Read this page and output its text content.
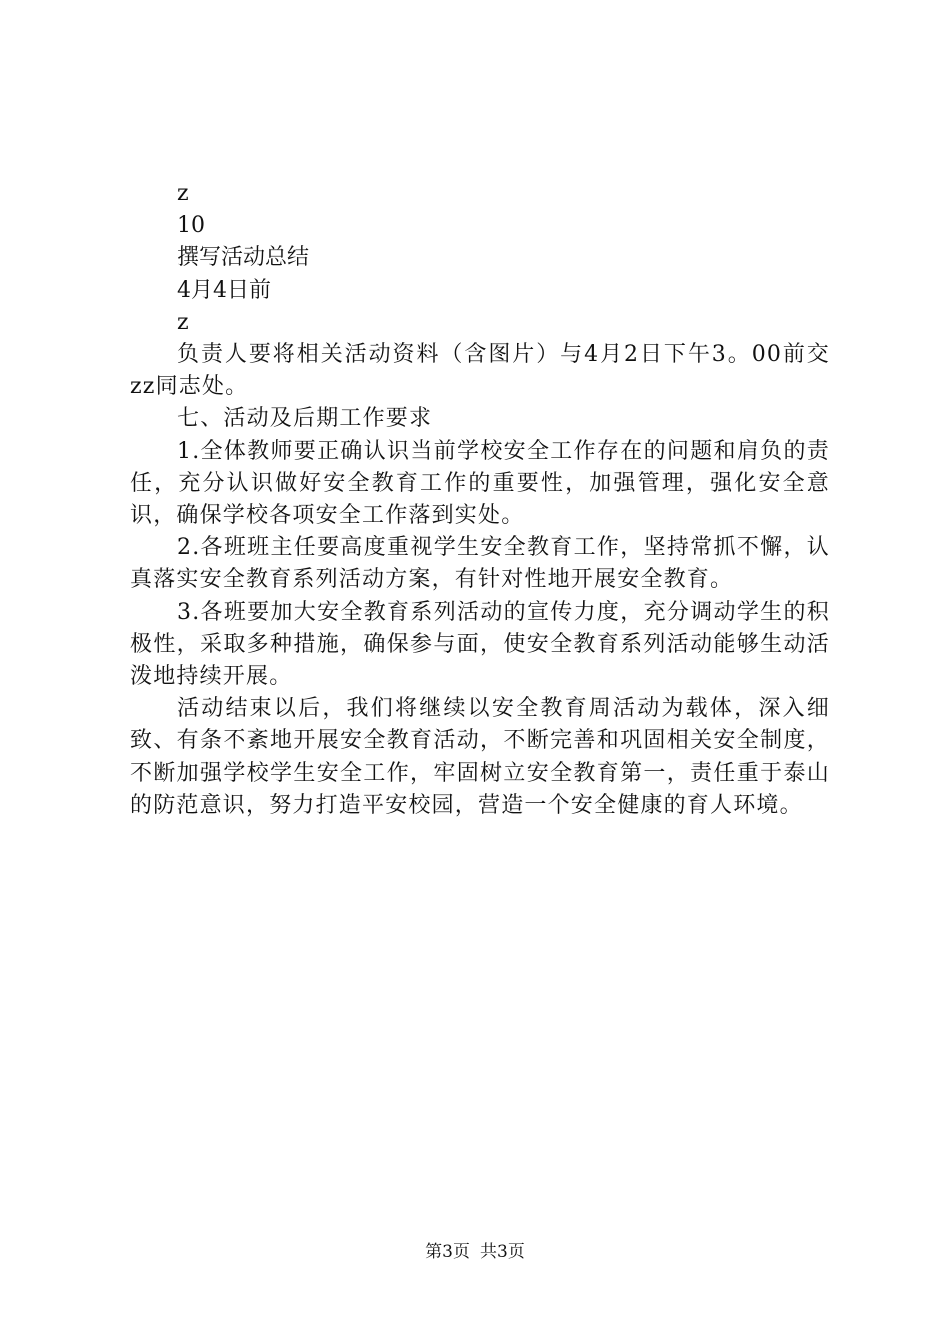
z
10
撰写活动总结
4月4日前
z
负责人要将相关活动资料（含图片）与4月2日下午3。00前交zz同志处。
七、活动及后期工作要求
1.全体教师要正确认识当前学校安全工作存在的问题和肩负的责任，充分认识做好安全教育工作的重要性，加强管理，强化安全意识，确保学校各项安全工作落到实处。
2.各班班主任要高度重视学生安全教育工作，坚持常抓不懈，认真落实安全教育系列活动方案，有针对性地开展安全教育。
3.各班要加大安全教育系列活动的宣传力度，充分调动学生的积极性，采取多种措施，确保参与面，使安全教育系列活动能够生动活泼地持续开展。
活动结束以后，我们将继续以安全教育周活动为载体，深入细致、有条不紊地开展安全教育活动，不断完善和巩固相关安全制度，不断加强学校学生安全工作，牢固树立安全教育第一，责任重于泰山的防范意识，努力打造平安校园，营造一个安全健康的育人环境。
第3页 共3页
